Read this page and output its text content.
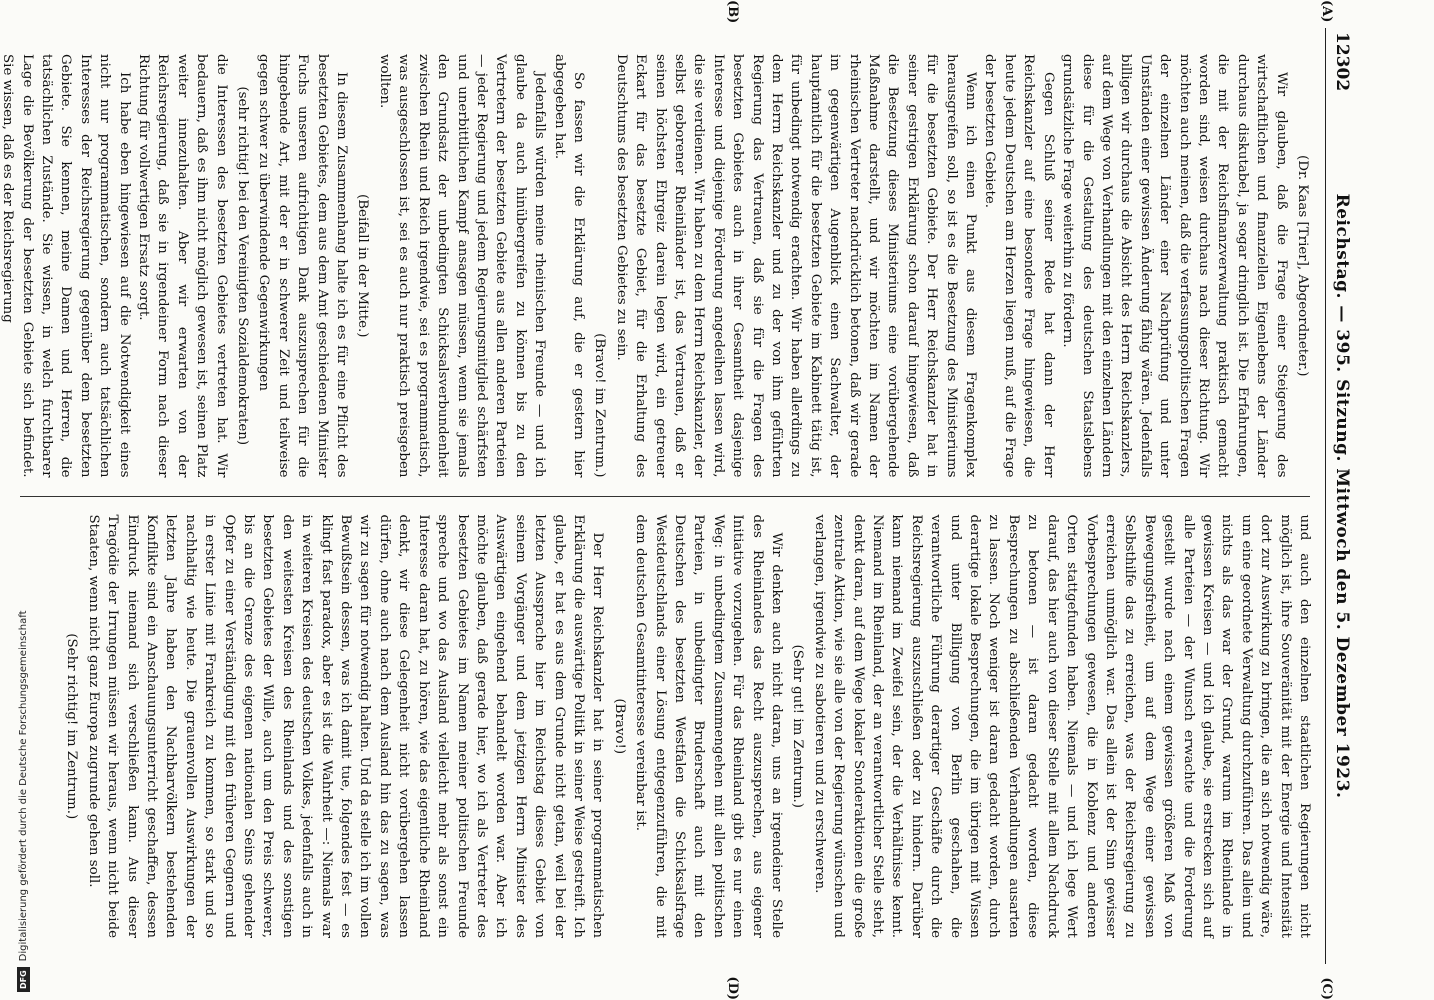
DFG
Digitalisierung gefördert durch die Deutsche Forschungsgemeinschaft
12302
Reichstag. — 395. Sitzung. Mittwoch den 5. Dezember 1923.
(A)
(B)
(C)
(D)

(Dr. Kaas [Trier], Abgeordneter.)

Wir glauben, daß die Frage einer Steigerung des wirtschaftlichen und finanziellen Eigenlebens der Länder durchaus diskutabel, ja sogar dringlich ist. Die Erfahrungen, die mit der Reichsfinanzverwaltung praktisch gemacht worden sind, weisen durchaus nach dieser Richtung. Wir möchten auch meinen, daß die verfassungspolitischen Fragen der einzelnen Länder einer Nachprüfung und unter Umständen einer gewissen Änderung fähig wären. Jedenfalls billigen wir durchaus die Absicht des Herrn Reichskanzlers, auf dem Wege von Verhandlungen mit den einzelnen Ländern diese für die Gestaltung des deutschen Staatslebens grundsätzliche Frage weiterhin zu fördern.

Gegen Schluß seiner Rede hat dann der Herr Reichskanzler auf eine besondere Frage hingewiesen, die heute jedem Deutschen am Herzen liegen muß, auf die Frage der besetzten Gebiete.

Wenn ich einen Punkt aus diesem Fragenkomplex herausgreifen soll, so ist es die Besetzung des Ministeriums für die besetzten Gebiete. Der Herr Reichskanzler hat in seiner gestrigen Erklärung schon darauf hingewiesen, daß die Besetzung dieses Ministeriums eine vorübergehende Maßnahme darstellt, und wir möchten im Namen der rheinischen Vertreter nachdrücklich betonen, daß wir gerade im gegenwärtigen Augenblick einen Sachwalter, der hauptamtlich für die besetzten Gebiete im Kabinett tätig ist, für unbedingt notwendig erachten. Wir haben allerdings zu dem Herrn Reichskanzler und zu der von ihm geführten Regierung das Vertrauen, daß sie für die Fragen des besetzten Gebietes auch in ihrer Gesamtheit dasjenige Interesse und diejenige Förderung angedeihen lassen wird, die sie verdienen. Wir haben zu dem Herrn Reichskanzler, der selbst geborener Rheinländer ist, das Vertrauen, daß er seinen höchsten Ehrgeiz darein legen wird, ein getreuer Eckart für das besetzte Gebiet, für die Erhaltung des Deutschtums des besetzten Gebietes zu sein.

(Bravo! im Zentrum.)

So fassen wir die Erklärung auf, die er gestern hier abgegeben hat.

Jedenfalls würden meine rheinischen Freunde — und ich glaube da auch hinübergreifen zu können bis zu den Vertretern der besetzten Gebiete aus allen anderen Parteien — jeder Regierung und jedem Regierungsmitglied schärfsten und unerbittlichen Kampf ansagen müssen, wenn sie jemals den Grundsatz der unbedingten Schicksalsverbundenheit zwischen Rhein und Reich irgendwie, sei es programmatisch, was ausgeschlossen ist, sei es auch nur praktisch preisgeben wollten.

(Beifall in der Mitte.)

In diesem Zusammenhang halte ich es für eine Pflicht des besetzten Gebietes, dem aus dem Amt geschiedenen Minister Fuchs unseren aufrichtigen Dank auszusprechen für die hingebende Art, mit der er in schwerer Zeit und teilweise gegen schwer zu überwindende Gegenwirkungen

(sehr richtig! bei den Vereinigten Sozialdemokraten)

die Interessen des besetzten Gebietes vertreten hat. Wir bedauern, daß es ihm nicht möglich gewesen ist, seinen Platz weiter innezuhalten. Aber wir erwarten von der Reichsregierung, daß sie in irgendeiner Form nach dieser Richtung für vollwertigen Ersatz sorgt.

Ich habe eben hingewiesen auf die Notwendigkeit eines nicht nur programmatischen, sondern auch tatsächlichen Interesses der Reichsregierung gegenüber dem besetzten Gebiete. Sie kennen, meine Damen und Herren, die tatsächlichen Zustände. Sie wissen, in welch furchtbarer Lage die Bevölkerung der besetzten Gebiete sich befindet. Sie wissen, daß es der Reichsregierung

und auch den einzelnen staatlichen Regierungen nicht möglich ist, ihre Souveränität mit der Energie und Intensität dort zur Auswirkung zu bringen, die an sich notwendig wäre, um eine geordnete Verwaltung durchzuführen. Das allein und nichts als das war der Grund, warum im Rheinlande in gewissen Kreisen — und ich glaube, sie erstrecken sich auf alle Parteien — der Wunsch erwachte und die Forderung gestellt wurde nach einem gewissen größeren Maß von Bewegungsfreiheit, um auf dem Wege einer gewissen Selbsthilfe das zu erreichen, was der Reichsregierung zu erreichen unmöglich war. Das allein ist der Sinn gewisser Vorbesprechungen gewesen, die in Koblenz und anderen Orten stattgefunden haben. Niemals — und ich lege Wert darauf, das hier auch von dieser Stelle mit allem Nachdruck zu betonen — ist daran gedacht worden, diese Besprechungen zu abschließenden Verhandlungen ausarten zu lassen. Noch weniger ist daran gedacht worden, durch derartige lokale Besprechungen, die im übrigen mit Wissen und unter Billigung von Berlin geschahen, die verantwortliche Führung derartiger Geschäfte durch die Reichsregierung auszuschließen oder zu hindern. Darüber kann niemand im Zweifel sein, der die Verhältnisse kennt. Niemand im Rheinland, der an verantwortlicher Stelle steht, denkt daran, auf dem Wege lokaler Sonderaktionen die große zentrale Aktion, wie sie alle von der Regierung wünschen und verlangen, irgendwie zu sabotieren und zu erschweren.

(Sehr gut! im Zentrum.)

Wir denken auch nicht daran, uns an irgendeiner Stelle des Rheinlandes das Recht auszusprechen, aus eigener Initiative vorzugehen. Für das Rheinland gibt es nur einen Weg: in unbedingtem Zusammengehen mit allen politischen Parteien, in unbedingter Bruderschaft auch mit den Deutschen des besetzten Westfalen die Schicksalsfrage Westdeutschlands einer Lösung entgegenzuführen, die mit dem deutschen Gesamtinteresse vereinbar ist.

(Bravo!)

Der Herr Reichskanzler hat in seiner programmatischen Erklärung die auswärtige Politik in seiner Weise gestreift. Ich glaube, er hat es aus dem Grunde nicht getan, weil bei der letzten Aussprache hier im Reichstag dieses Gebiet von seinem Vorgänger und dem jetzigen Herrn Minister des Auswärtigen eingehend behandelt worden war. Aber ich möchte glauben, daß gerade hier, wo ich als Vertreter des besetzten Gebietes im Namen meiner politischen Freunde spreche und wo das Ausland vielleicht mehr als sonst ein Interesse daran hat, zu hören, wie das eigentliche Rheinland denkt, wir diese Gelegenheit nicht vorübergehen lassen dürfen, ohne auch nach dem Ausland hin das zu sagen, was wir zu sagen für notwendig halten. Und da stelle ich im vollen Bewußtsein dessen, was ich damit tue, folgendes fest — es klingt fast paradox, aber es ist die Wahrheit —: Niemals war in weiteren Kreisen des deutschen Volkes, jedenfalls auch in den weitesten Kreisen des Rheinlands und des sonstigen besetzten Gebietes der Wille, auch um den Preis schwerer, bis an die Grenze des eigenen nationalen Seins gehender Opfer zu einer Verständigung mit den früheren Gegnern und in erster Linie mit Frankreich zu kommen, so stark und so nachhaltig wie heute. Die grauenvollen Auswirkungen der letzten Jahre haben den Nachbarvölkern bestehenden Konflikte sind ein Anschauungsunterricht geschaffen, dessen Eindruck niemand sich verschließen kann. Aus dieser Tragödie der Irrungen müssen wir heraus, wenn nicht beide Staaten, wenn nicht ganz Europa zugrunde gehen soll.

(Sehr richtig! im Zentrum.)
